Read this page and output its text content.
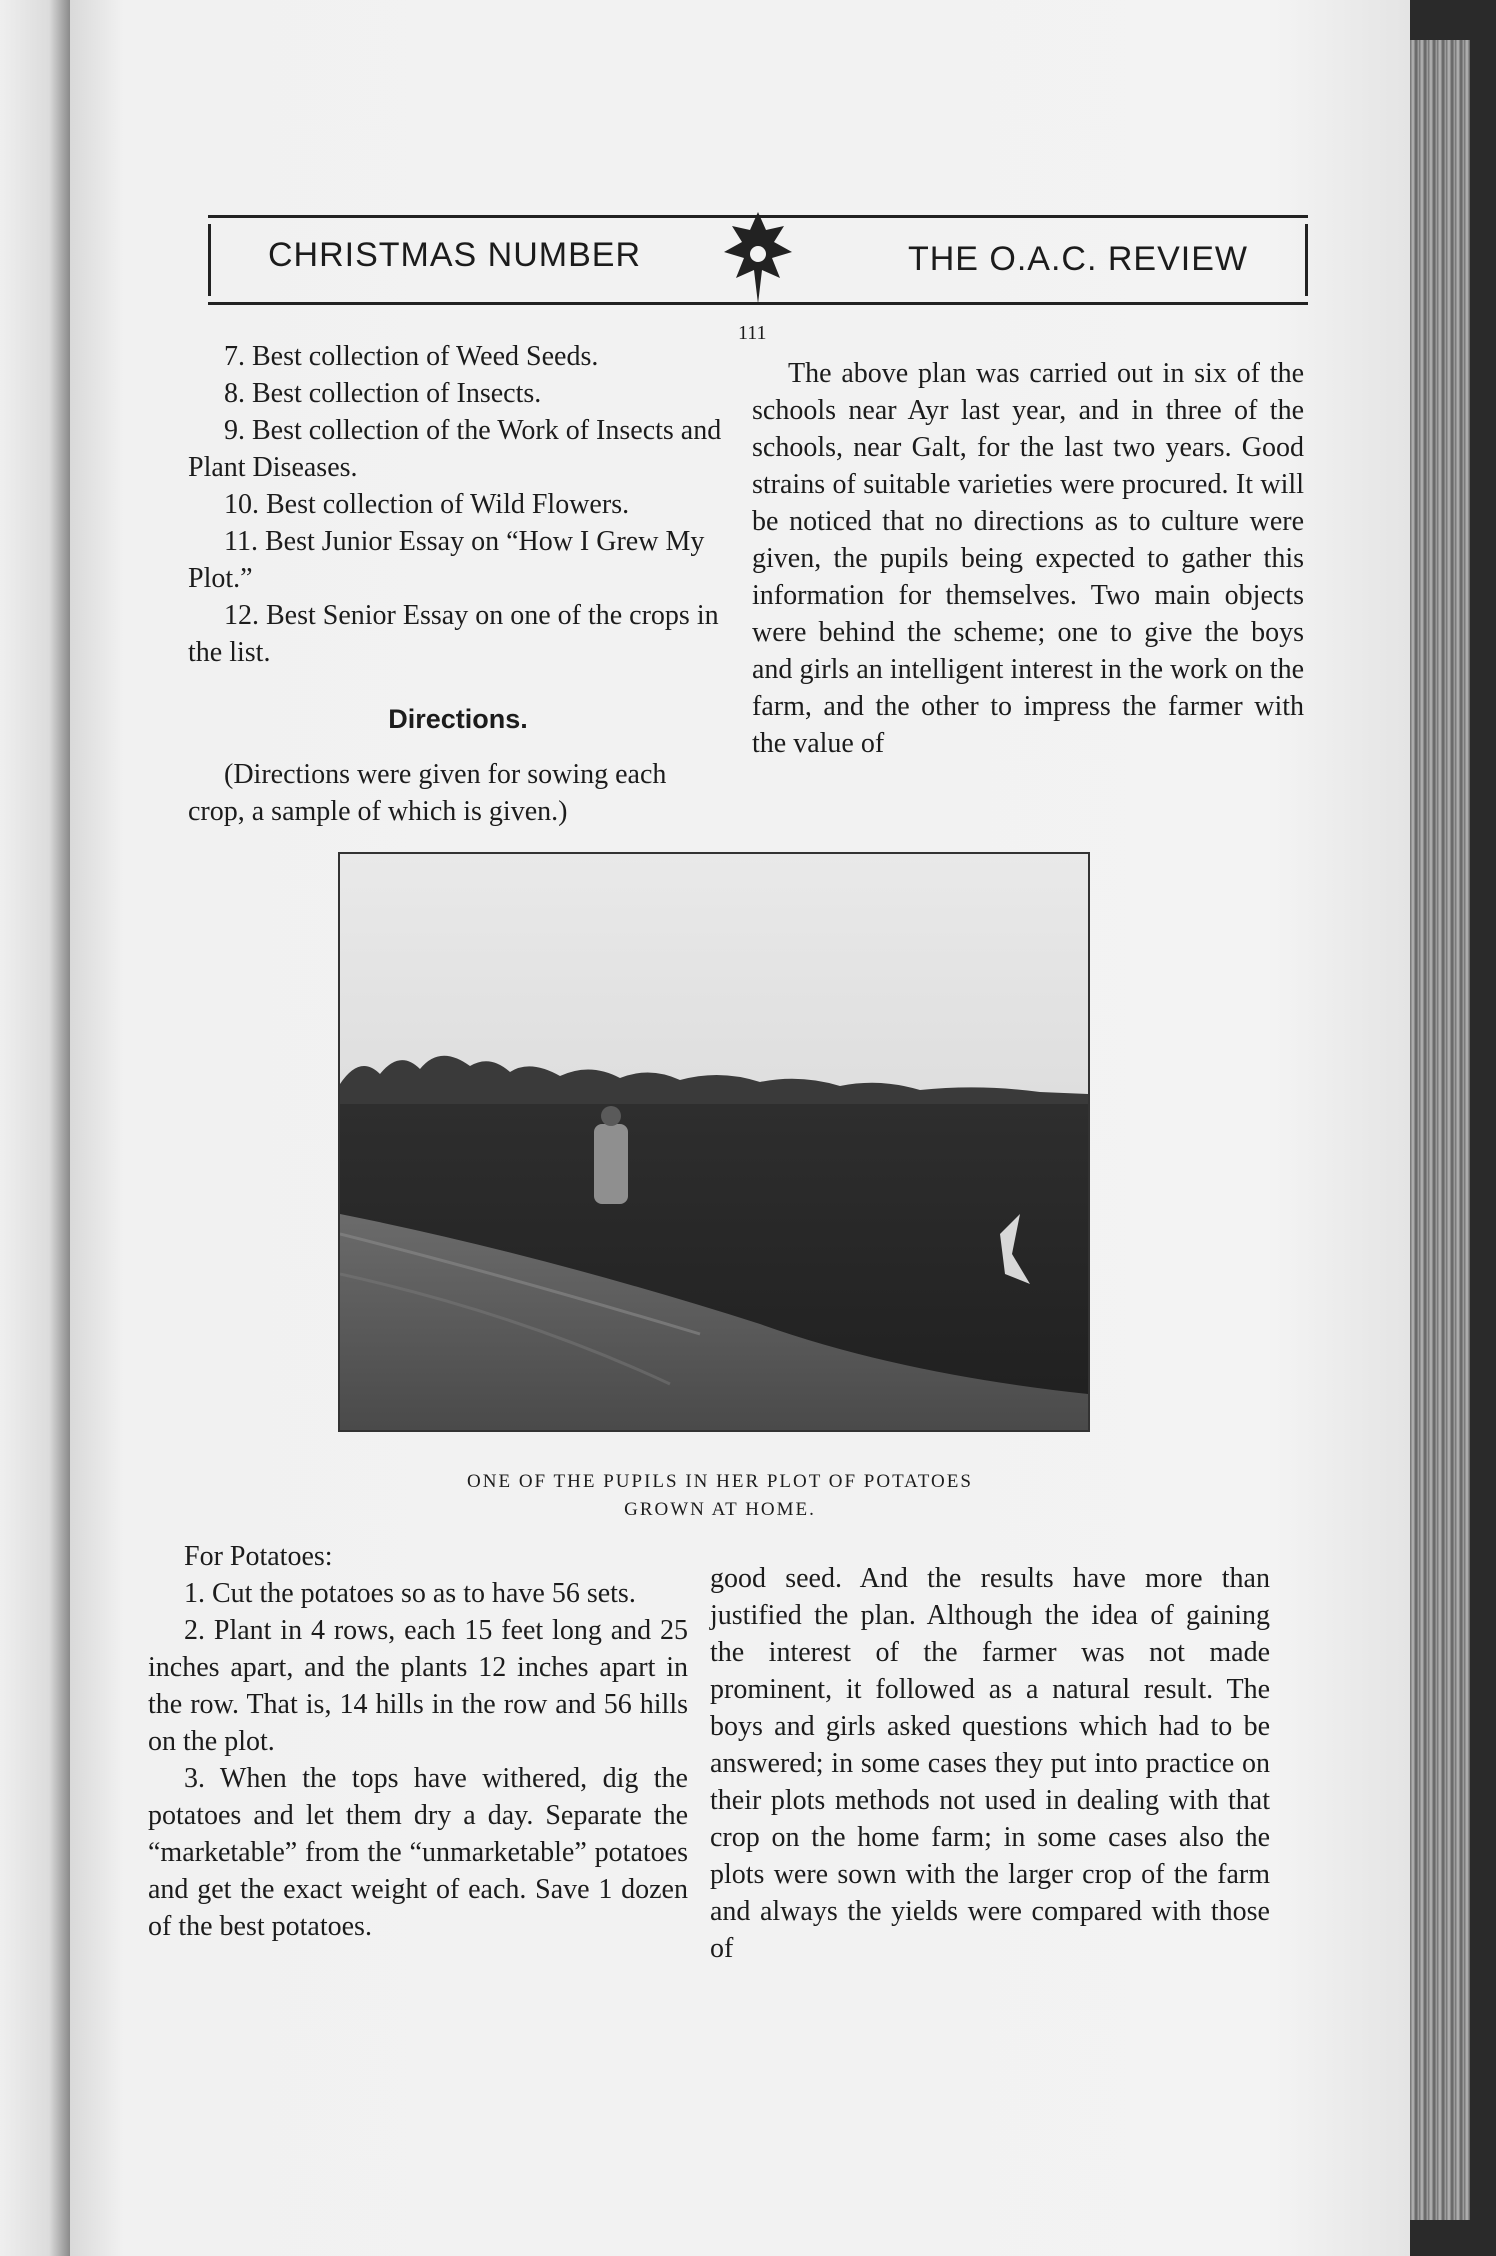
CHRISTMAS NUMBER	THE O.A.C. REVIEW
111

7. Best collection of Weed Seeds.

8. Best collection of Insects.

9. Best collection of the Work of Insects and Plant Diseases.

10. Best collection of Wild Flowers.

11. Best Junior Essay on “How I Grew My Plot.”

12. Best Senior Essay on one of the crops in the list.

Directions.

(Directions were given for sowing each crop, a sample of which is given.)

The above plan was carried out in six of the schools near Ayr last year, and in three of the schools, near Galt, for the last two years. Good strains of suitable varieties were procured. It will be noticed that no directions as to culture were given, the pupils being expected to gather this information for themselves. Two main objects were behind the scheme; one to give the boys and girls an intelligent interest in the work on the farm, and the other to impress the farmer with the value of

ONE OF THE PUPILS IN HER PLOT OF POTATOES
GROWN AT HOME.

For Potatoes:

1. Cut the potatoes so as to have 56 sets.

2. Plant in 4 rows, each 15 feet long and 25 inches apart, and the plants 12 inches apart in the row. That is, 14 hills in the row and 56 hills on the plot.

3. When the tops have withered, dig the potatoes and let them dry a day. Separate the “marketable” from the “unmarketable” potatoes and get the exact weight of each. Save 1 dozen of the best potatoes.

good seed. And the results have more than justified the plan. Although the idea of gaining the interest of the farmer was not made prominent, it followed as a natural result. The boys and girls asked questions which had to be answered; in some cases they put into practice on their plots methods not used in dealing with that crop on the home farm; in some cases also the plots were sown with the larger crop of the farm and always the yields were compared with those of
